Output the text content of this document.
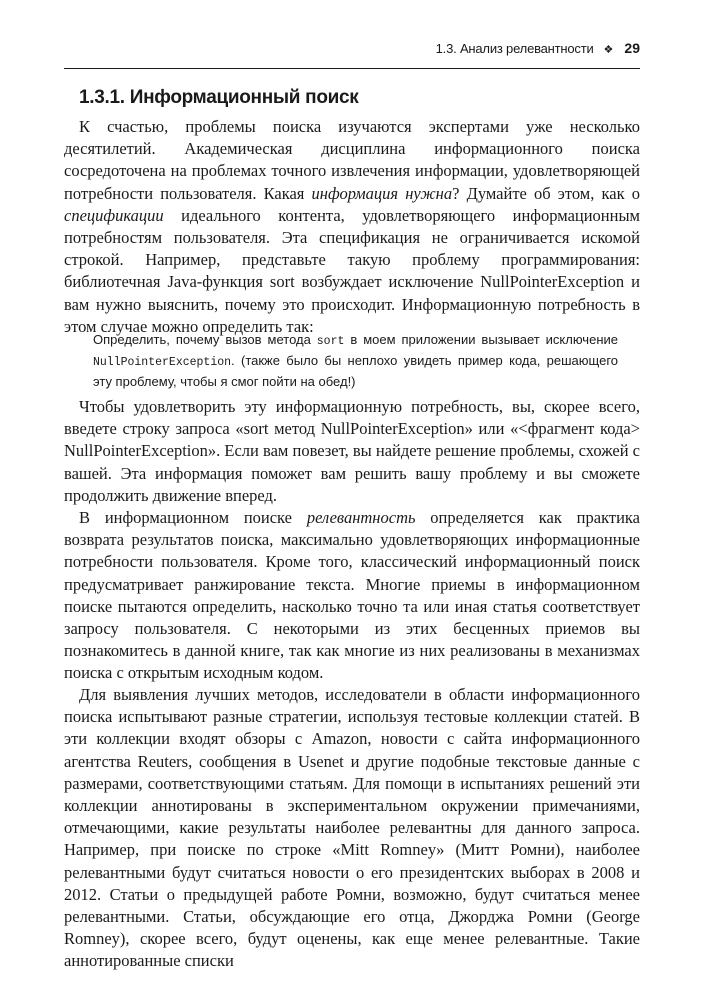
1.3. Анализ релевантности ❖ 29
1.3.1. Информационный поиск

К счастью, проблемы поиска изучаются экспертами уже несколько десятилетий. Академическая дисциплина информационного поиска сосредоточена на проблемах точного извлечения информации, удовлетворяющей потребности пользователя. Какая информация нужна? Думайте об этом, как о спецификации идеального контента, удовлетворяющего информационным потребностям пользователя. Эта спецификация не ограничивается искомой строкой. Например, представьте такую проблему программирования: библиотечная Java-функция sort возбуждает исключение NullPointerException и вам нужно выяснить, почему это происходит. Информационную потребность в этом случае можно определить так:

Определить, почему вызов метода sort в моем приложении вызывает исключение NullPointerException. (также было бы неплохо увидеть пример кода, решающего эту проблему, чтобы я смог пойти на обед!)

Чтобы удовлетворить эту информационную потребность, вы, скорее всего, введете строку запроса «sort метод NullPointerException» или «<фрагмент кода> NullPointerException». Если вам повезет, вы найдете решение проблемы, схожей с вашей. Эта информация поможет вам решить вашу проблему и вы сможете продолжить движение вперед.

В информационном поиске релевантность определяется как практика возврата результатов поиска, максимально удовлетворяющих информационные потребности пользователя. Кроме того, классический информационный поиск предусматривает ранжирование текста. Многие приемы в информационном поиске пытаются определить, насколько точно та или иная статья соответствует запросу пользователя. С некоторыми из этих бесценных приемов вы познакомитесь в данной книге, так как многие из них реализованы в механизмах поиска с открытым исходным кодом.

Для выявления лучших методов, исследователи в области информационного поиска испытывают разные стратегии, используя тестовые коллекции статей. В эти коллекции входят обзоры с Amazon, новости с сайта информационного агентства Reuters, сообщения в Usenet и другие подобные текстовые данные с размерами, соответствующими статьям. Для помощи в испытаниях решений эти коллекции аннотированы в экспериментальном окружении примечаниями, отмечающими, какие результаты наиболее релевантны для данного запроса. Например, при поиске по строке «Mitt Romney» (Митт Ромни), наиболее релевантными будут считаться новости о его президентских выборах в 2008 и 2012. Статьи о предыдущей работе Ромни, возможно, будут считаться менее релевантными. Статьи, обсуждающие его отца, Джорджа Ромни (George Romney), скорее всего, будут оценены, как еще менее релевантные. Такие аннотированные списки
